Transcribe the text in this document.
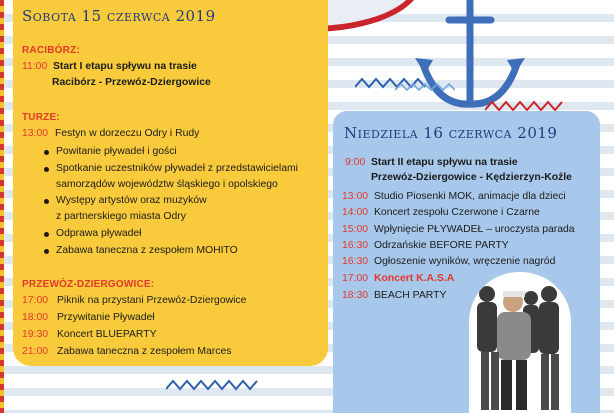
Sobota 15 czerwca 2019
RACIBÓRZ:
11:00 Start I etapu spływu na trasie
Racibórz - Przewóz-Dziergowice
TURZE:
13:00 Festyn w dorzeczu Odry i Rudy
Powitanie pływadeł i gości
Spotkanie uczestników pływadeł z przedstawicielami
samorządów województw śląskiego i opolskiego
Występy artystów oraz muzyków
z partnerskiego miasta Odry
Odprawa pływadeł
Zabawa taneczna z zespołem MOHITO
PRZEWÓZ-DZIERGOWICE:
17:00 Piknik na przystani Przewóz-Dziergowice
18:00 Przywitanie Pływadeł
19:30 Koncert BLUEPARTY
21:00 Zabawa taneczna z zespołem Marces
Niedziela 16 czerwca 2019
9:00 Start II etapu spływu na trasie
Przewóz-Dziergowice - Kędzierzyn-Koźle
13:00 Studio Piosenki MOK, animacje dla dzieci
14:00 Koncert zespołu Czerwone i Czarne
15:00 Wpłynięcie PŁYWADEŁ – uroczysta parada
16:30 Odrzańskie BEFORE PARTY
16:30 Ogłoszenie wyników, wręczenie nagród
17:00 Koncert K.A.S.A
18:30 BEACH PARTY
